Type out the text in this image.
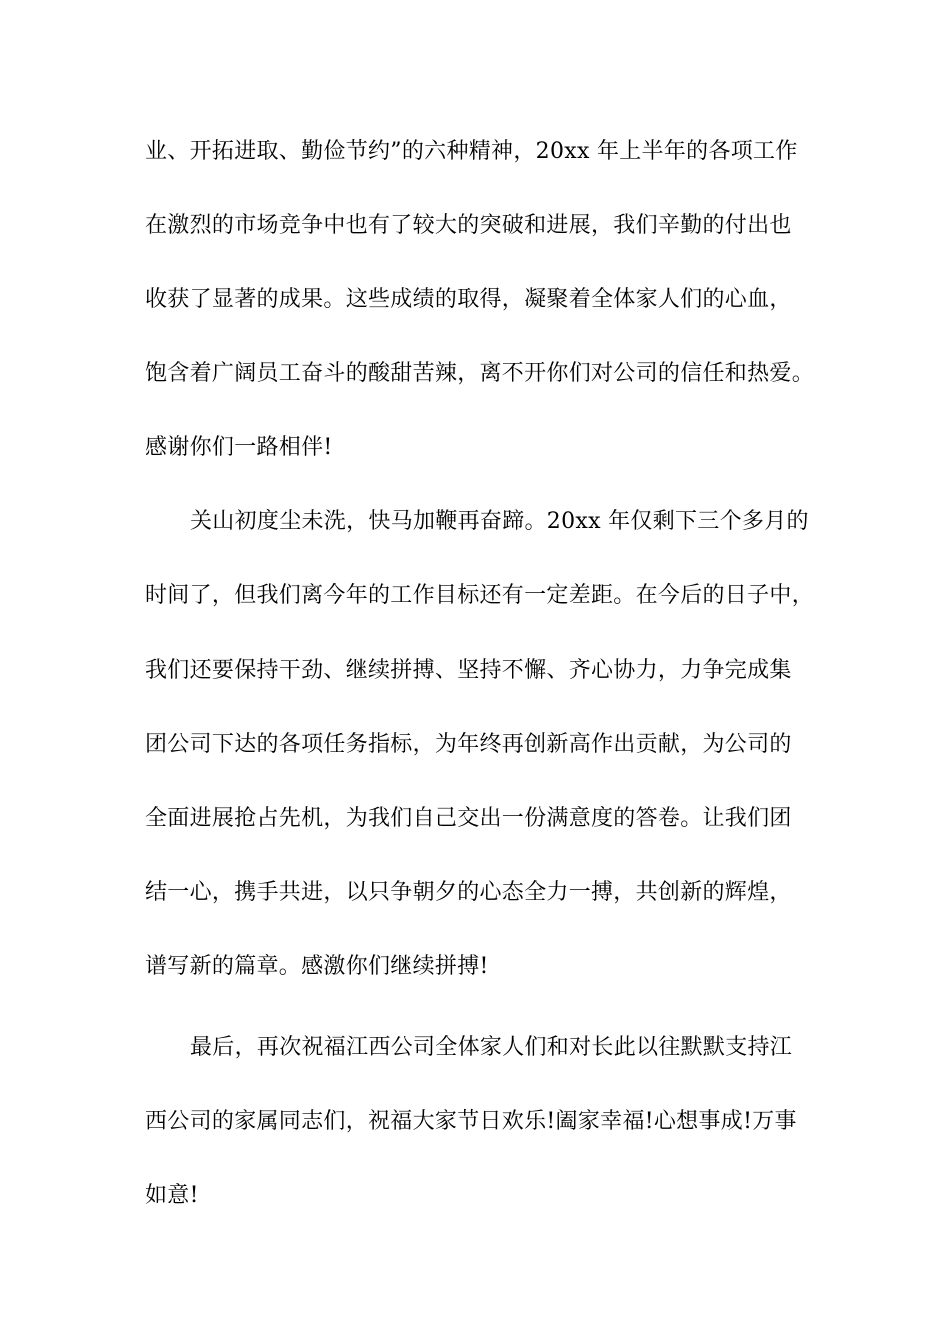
业、开拓进取、勤俭节约”的六种精神，20xx 年上半年的各项工作
在激烈的市场竞争中也有了较大的突破和进展，我们辛勤的付出也
收获了显著的成果。这些成绩的取得，凝聚着全体家人们的心血，
饱含着广阔员工奋斗的酸甜苦辣，离不开你们对公司的信任和热爱。
感谢你们一路相伴!
关山初度尘未洗，快马加鞭再奋蹄。20xx 年仅剩下三个多月的
时间了，但我们离今年的工作目标还有一定差距。在今后的日子中，
我们还要保持干劲、继续拼搏、坚持不懈、齐心协力，力争完成集
团公司下达的各项任务指标，为年终再创新高作出贡献，为公司的
全面进展抢占先机，为我们自己交出一份满意度的答卷。让我们团
结一心，携手共进，以只争朝夕的心态全力一搏，共创新的辉煌，
谱写新的篇章。感激你们继续拼搏!
最后，再次祝福江西公司全体家人们和对长此以往默默支持江
西公司的家属同志们，祝福大家节日欢乐!阖家幸福!心想事成!万事
如意!
